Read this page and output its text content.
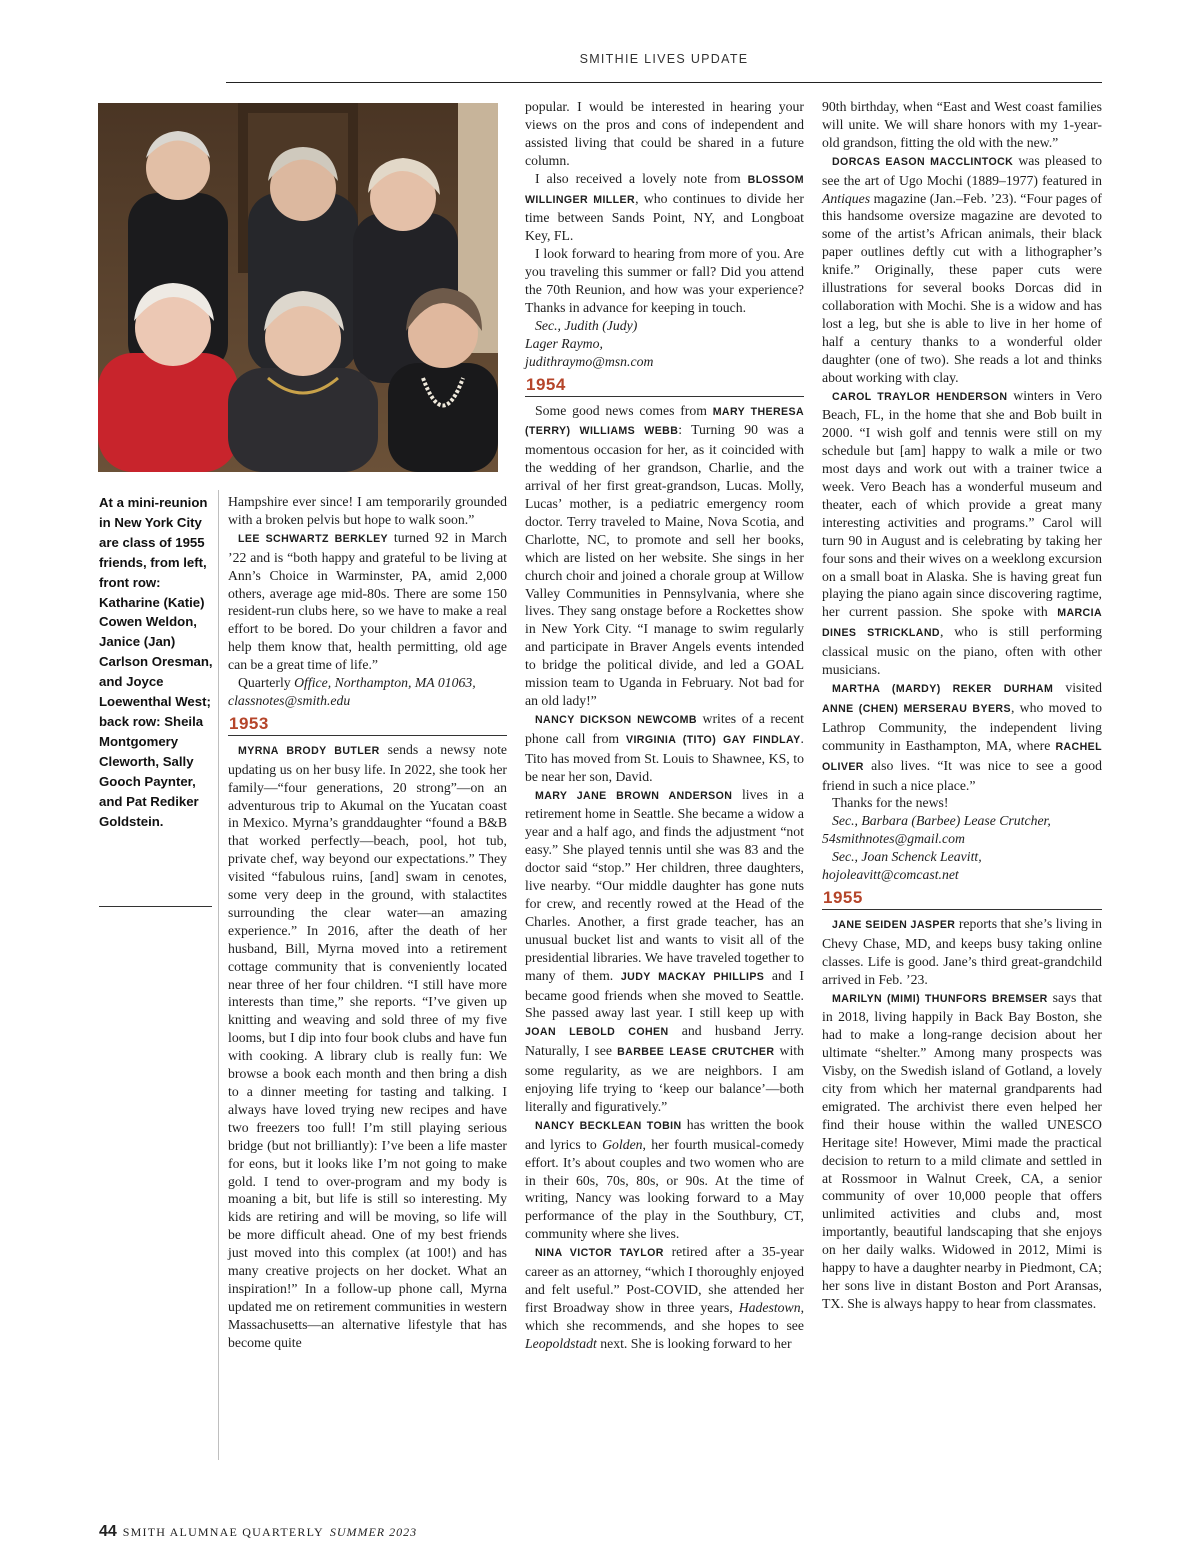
SMITHIE LIVES UPDATE
At a mini-reunion in New York City are class of 1955 friends, from left, front row: Katharine (Katie) Cowen Weldon, Janice (Jan) Carlson Oresman, and Joyce Loewenthal West; back row: Sheila Montgomery Cleworth, Sally Gooch Paynter, and Pat Rediker Goldstein.

Hampshire ever since! I am temporarily grounded with a broken pelvis but hope to walk soon.”

LEE SCHWARTZ BERKLEY turned 92 in March ’22 and is “both happy and grateful to be living at Ann’s Choice in Warminster, PA, amid 2,000 others, average age mid-80s. There are some 150 resident-run clubs here, so we have to make a real effort to be bored. Do your children a favor and help them know that, health permitting, old age can be a great time of life.”

Quarterly Office, Northampton, MA 01063, classnotes@smith.edu

1953

MYRNA BRODY BUTLER sends a newsy note updating us on her busy life. In 2022, she took her family—“four generations, 20 strong”—on an adventurous trip to Akumal on the Yucatan coast in Mexico. Myrna’s granddaughter “found a B&B that worked perfectly—beach, pool, hot tub, private chef, way beyond our expectations.” They visited “fabulous ruins, [and] swam in cenotes, some very deep in the ground, with stalactites surrounding the clear water—an amazing experience.” In 2016, after the death of her husband, Bill, Myrna moved into a retirement cottage community that is conveniently located near three of her four children. “I still have more interests than time,” she reports. “I’ve given up knitting and weaving and sold three of my five looms, but I dip into four book clubs and have fun with cooking. A library club is really fun: We browse a book each month and then bring a dish to a dinner meeting for tasting and talking. I always have loved trying new recipes and have two freezers too full! I’m still playing serious bridge (but not brilliantly): I’ve been a life master for eons, but it looks like I’m not going to make gold. I tend to over-program and my body is moaning a bit, but life is still so interesting. My kids are retiring and will be moving, so life will be more difficult ahead. One of my best friends just moved into this complex (at 100!) and has many creative projects on her docket. What an inspiration!” In a follow-up phone call, Myrna updated me on retirement communities in western Massachusetts—an alternative lifestyle that has become quite

popular. I would be interested in hearing your views on the pros and cons of independent and assisted living that could be shared in a future column.

I also received a lovely note from BLOSSOM WILLINGER MILLER, who continues to divide her time between Sands Point, NY, and Longboat Key, FL.

I look forward to hearing from more of you. Are you traveling this summer or fall? Did you attend the 70th Reunion, and how was your experience? Thanks in advance for keeping in touch.

Sec., Judith (Judy)

Lager Raymo,

judithraymo@msn.com

1954

Some good news comes from MARY THERESA (TERRY) WILLIAMS WEBB: Turning 90 was a momentous occasion for her, as it coincided with the wedding of her grandson, Charlie, and the arrival of her first great-grandson, Lucas. Molly, Lucas’ mother, is a pediatric emergency room doctor. Terry traveled to Maine, Nova Scotia, and Charlotte, NC, to promote and sell her books, which are listed on her website. She sings in her church choir and joined a chorale group at Willow Valley Communities in Pennsylvania, where she lives. They sang onstage before a Rockettes show in New York City. “I manage to swim regularly and participate in Braver Angels events intended to bridge the political divide, and led a GOAL mission team to Uganda in February. Not bad for an old lady!”

NANCY DICKSON NEWCOMB writes of a recent phone call from VIRGINIA (TITO) GAY FINDLAY. Tito has moved from St. Louis to Shawnee, KS, to be near her son, David.

MARY JANE BROWN ANDERSON lives in a retirement home in Seattle. She became a widow a year and a half ago, and finds the adjustment “not easy.” She played tennis until she was 83 and the doctor said “stop.” Her children, three daughters, live nearby. “Our middle daughter has gone nuts for crew, and recently rowed at the Head of the Charles. Another, a first grade teacher, has an unusual bucket list and wants to visit all of the presidential libraries. We have traveled together to many of them. JUDY MACKAY PHILLIPS and I became good friends when she moved to Seattle. She passed away last year. I still keep up with JOAN LEBOLD COHEN and husband Jerry. Naturally, I see BARBEE LEASE CRUTCHER with some regularity, as we are neighbors. I am enjoying life trying to ‘keep our balance’—both literally and figuratively.”

NANCY BECKLEAN TOBIN has written the book and lyrics to Golden, her fourth musical-comedy effort. It’s about couples and two women who are in their 60s, 70s, 80s, or 90s. At the time of writing, Nancy was looking forward to a May performance of the play in the Southbury, CT, community where she lives.

NINA VICTOR TAYLOR retired after a 35-year career as an attorney, “which I thoroughly enjoyed and felt useful.” Post-COVID, she attended her first Broadway show in three years, Hadestown, which she recommends, and she hopes to see Leopoldstadt next. She is looking forward to her

90th birthday, when “East and West coast families will unite. We will share honors with my 1-year-old grandson, fitting the old with the new.”

DORCAS EASON MACCLINTOCK was pleased to see the art of Ugo Mochi (1889–1977) featured in Antiques magazine (Jan.–Feb. ’23). “Four pages of this handsome oversize magazine are devoted to some of the artist’s African animals, their black paper outlines deftly cut with a lithographer’s knife.” Originally, these paper cuts were illustrations for several books Dorcas did in collaboration with Mochi. She is a widow and has lost a leg, but she is able to live in her home of half a century thanks to a wonderful older daughter (one of two). She reads a lot and thinks about working with clay.

CAROL TRAYLOR HENDERSON winters in Vero Beach, FL, in the home that she and Bob built in 2000. “I wish golf and tennis were still on my schedule but [am] happy to walk a mile or two most days and work out with a trainer twice a week. Vero Beach has a wonderful museum and theater, each of which provide a great many interesting activities and programs.” Carol will turn 90 in August and is celebrating by taking her four sons and their wives on a weeklong excursion on a small boat in Alaska. She is having great fun playing the piano again since discovering ragtime, her current passion. She spoke with MARCIA DINES STRICKLAND, who is still performing classical music on the piano, often with other musicians.

MARTHA (MARDY) REKER DURHAM visited ANNE (CHEN) MERSERAU BYERS, who moved to Lathrop Community, the independent living community in Easthampton, MA, where RACHEL OLIVER also lives. “It was nice to see a good friend in such a nice place.”

Thanks for the news!

Sec., Barbara (Barbee) Lease Crutcher,

54smithnotes@gmail.com

Sec., Joan Schenck Leavitt,

hojoleavitt@comcast.net

1955

JANE SEIDEN JASPER reports that she’s living in Chevy Chase, MD, and keeps busy taking online classes. Life is good. Jane’s third great-grandchild arrived in Feb. ’23.

MARILYN (MIMI) THUNFORS BREMSER says that in 2018, living happily in Back Bay Boston, she had to make a long-range decision about her ultimate “shelter.” Among many prospects was Visby, on the Swedish island of Gotland, a lovely city from which her maternal grandparents had emigrated. The archivist there even helped her find their house within the walled UNESCO Heritage site! However, Mimi made the practical decision to return to a mild climate and settled in at Rossmoor in Walnut Creek, CA, a senior community of over 10,000 people that offers unlimited activities and clubs and, most importantly, beautiful landscaping that she enjoys on her daily walks. Widowed in 2012, Mimi is happy to have a daughter nearby in Piedmont, CA; her sons live in distant Boston and Port Aransas, TX. She is always happy to hear from classmates.

44 SMITH ALUMNAE QUARTERLY SUMMER 2023
